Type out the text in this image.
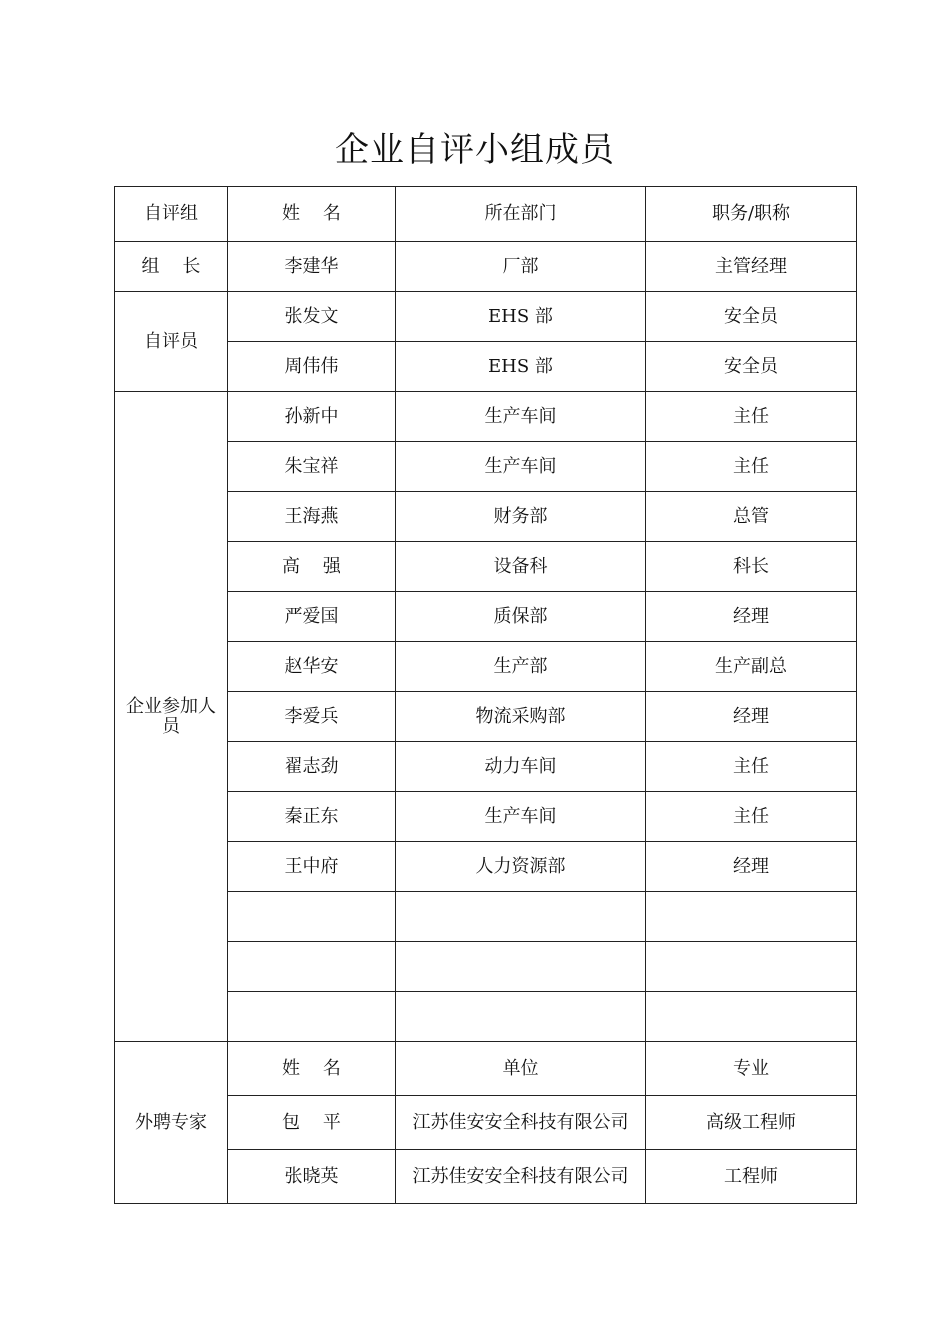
企业自评小组成员
自评组	姓    名	所在部门	职务/职称
组    长	李建华	厂部	主管经理
自评员	张发文	EHS 部	安全员
	周伟伟	EHS 部	安全员
企业参加人员	孙新中	生产车间	主任
	朱宝祥	生产车间	主任
	王海燕	财务部	总管
	高    强	设备科	科长
	严爱国	质保部	经理
	赵华安	生产部	生产副总
	李爱兵	物流采购部	经理
	翟志劲	动力车间	主任
	秦正东	生产车间	主任
	王中府	人力资源部	经理

外聘专家	姓    名	单位	专业
	包    平	江苏佳安安全科技有限公司	高级工程师
	张晓英	江苏佳安安全科技有限公司	工程师
